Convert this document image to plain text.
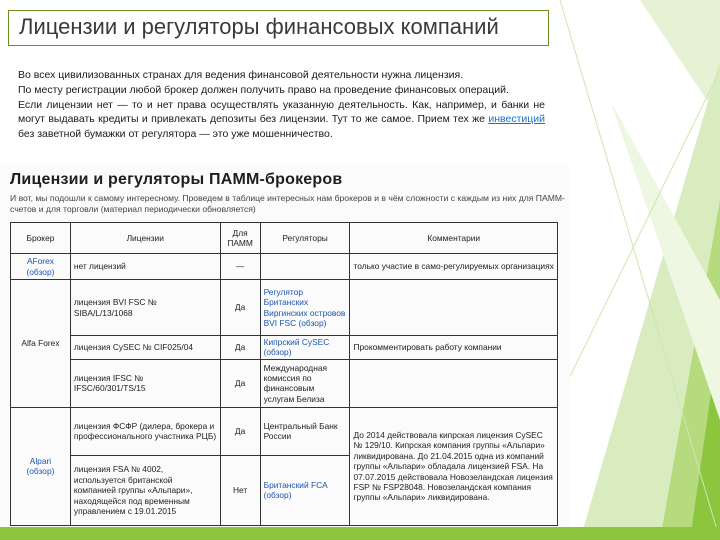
Лицензии и регуляторы финансовых компаний

Во всех цивилизованных странах для ведения финансовой деятельности нужна лицензия.

По месту регистрации любой брокер должен получить право на проведение финансовых операций.

Если лицензии нет — то и нет права осуществлять указанную деятельность. Как, например, и банки не могут выдавать кредиты и привлекать депозиты без лицензии. Тут то же самое. Прием тех же инвестиций без заветной бумажки от регулятора — это уже мошенничество.

Лицензии и регуляторы ПАММ-брокеров
И вот, мы подошли к самому интересному. Проведем в таблице интересных нам брокеров и в чём сложности с каждым из них для ПАММ-счетов и для торговли (материал периодически обновляется)
Брокер	Лицензии	Для ПАММ	Регуляторы	Комментарии

AForex
(обзор)	нет лицензий	—		только участие в само-регулируемых организациях

Alfa Forex	лицензия BVI FSC № SIBA/L/13/1068	Да	Регулятор Британских Виргинских островов BVI FSC (обзор)	
	лицензия CySEC № CIF025/04	Да	Кипрский CySEC (обзор)	Прокомментировать работу компании
	лицензия IFSC № IFSC/60/301/TS/15	Да	Международная комиссия по финансовым услугам Белиза	

Alpari
(обзор)	лицензия ФСФР (дилера, брокера и профессионального участника РЦБ)	Да	Центральный Банк России	До 2014 действовала кипрская лицензия CySEC № 129/10. Кипрская компания группы «Альпари» ликвидирована. До 21.04.2015 одна из компаний группы «Альпари» обладала лицензией FSA. На 07.07.2015 действовала Новозеландская лицензия FSP № FSP28048. Новозеландская компания группы «Альпари» ликвидирована.
	лицензия FSA № 4002, используется британской компанией группы «Альпари», находящейся под временным управлением с 19.01.2015	Нет	Британский FCA (обзор)	
